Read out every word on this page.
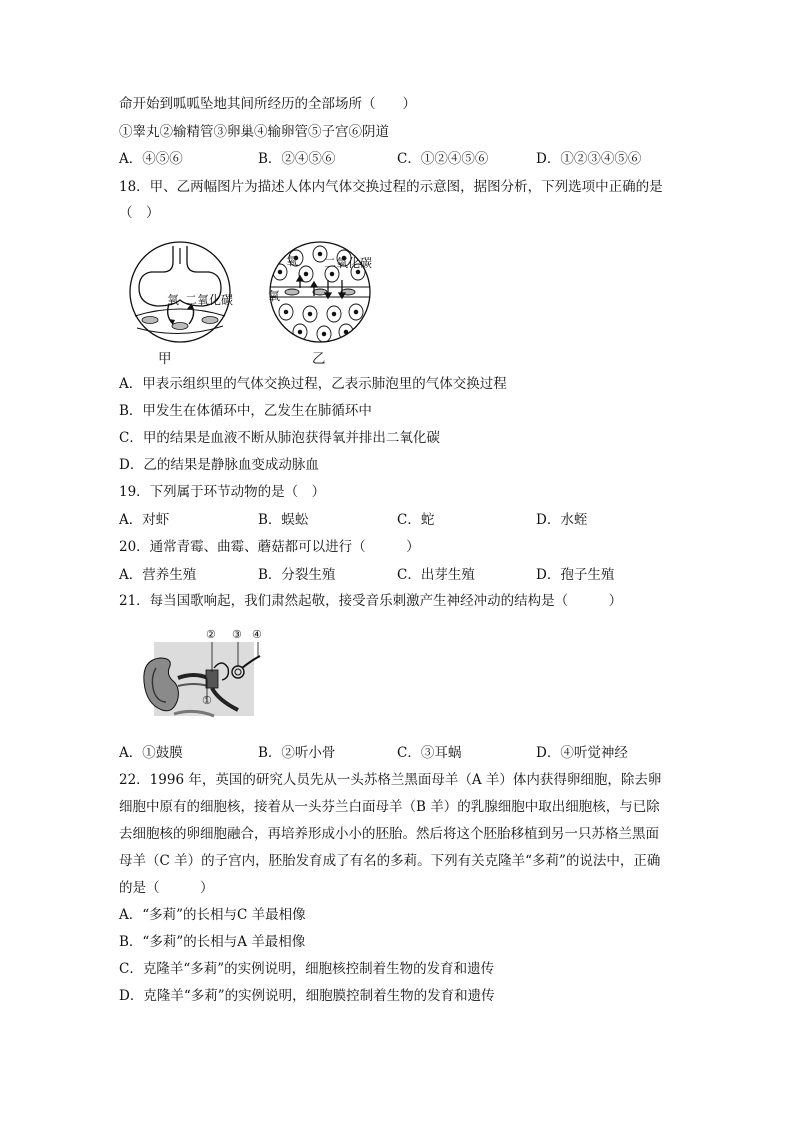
命开始到呱呱坠地其间所经历的全部场所（　　）
①睾丸②输精管③卵巢④输卵管⑤子宫⑥阴道
A．④⑤⑥	B．②④⑤⑥	C．①②④⑤⑥	D．①②③④⑤⑥
18．甲、乙两幅图片为描述人体内气体交换过程的示意图，据图分析，下列选项中正确的是
（　）
氧 二氧化碳
甲
氧 二氧化碳
氧
乙
A．甲表示组织里的气体交换过程，乙表示肺泡里的气体交换过程
B．甲发生在体循环中，乙发生在肺循环中
C．甲的结果是血液不断从肺泡获得氧并排出二氧化碳
D．乙的结果是静脉血变成动脉血
19．下列属于环节动物的是（　）
A．对虾	B．蜈蚣	C．蛇	D．水蛭
20．通常青霉、曲霉、蘑菇都可以进行（　　　）
A．营养生殖	B．分裂生殖	C．出芽生殖	D．孢子生殖
21．每当国歌响起，我们肃然起敬，接受音乐刺激产生神经冲动的结构是（　　　）
② ③ ④
①
A．①鼓膜	B．②听小骨	C．③耳蜗	D．④听觉神经
22．1996 年，英国的研究人员先从一头苏格兰黑面母羊（A 羊）体内获得卵细胞，除去卵
细胞中原有的细胞核，接着从一头芬兰白面母羊（B 羊）的乳腺细胞中取出细胞核，与已除
去细胞核的卵细胞融合，再培养形成小小的胚胎。然后将这个胚胎移植到另一只苏格兰黑面
母羊（C 羊）的子宫内，胚胎发育成了有名的多莉。下列有关克隆羊“多莉”的说法中，正确
的是（　　　）
A．“多莉”的长相与C 羊最相像
B．“多莉”的长相与A 羊最相像
C．克隆羊“多莉”的实例说明，细胞核控制着生物的发育和遗传
D．克隆羊“多莉”的实例说明，细胞膜控制着生物的发育和遗传
